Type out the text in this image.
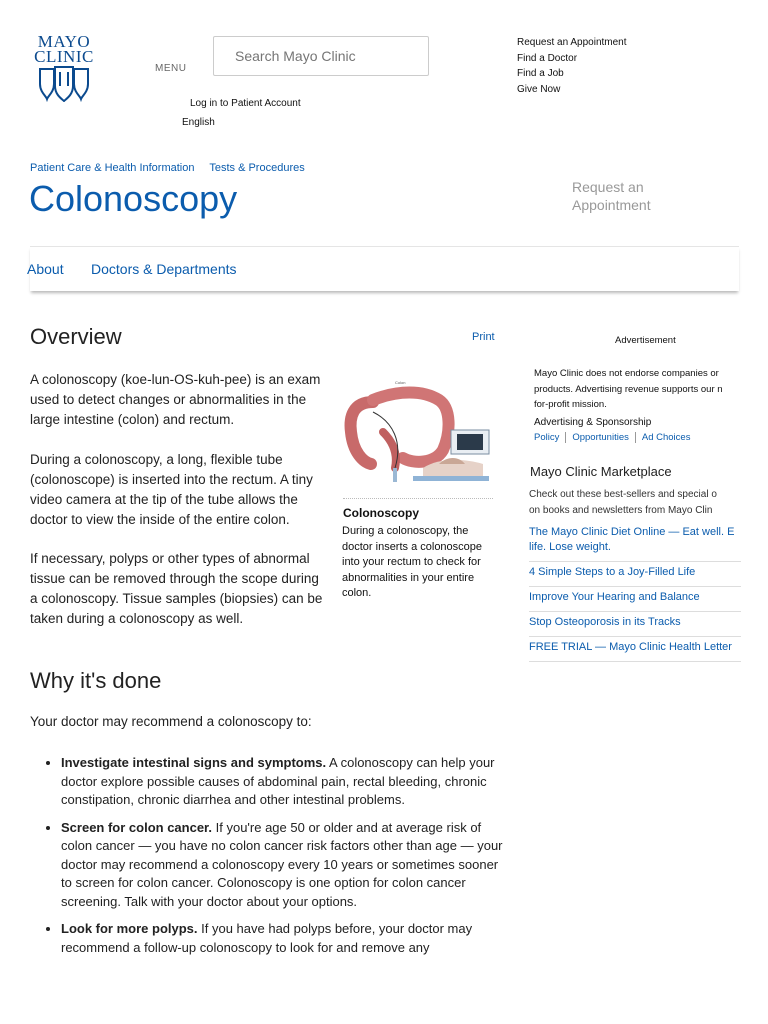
MAYO
CLINIC
MENU
Search Mayo Clinic
Request an Appointment
Find a Doctor
Find a Job
Give Now
Log in to Patient Account
English
Patient Care & Health Information Tests & Procedures
Colonoscopy	Request an Appointment
About Doctors & Departments
Overview	Print

A colonoscopy (koe-lun-OS-kuh-pee) is an exam used to detect changes or abnormalities in the large intestine (colon) and rectum.

During a colonoscopy, a long, flexible tube (colonoscope) is inserted into the rectum. A tiny video camera at the tip of the tube allows the doctor to view the inside of the entire colon.

If necessary, polyps or other types of abnormal tissue can be removed through the scope during a colonoscopy. Tissue samples (biopsies) can be taken during a colonoscopy as well.

Colon
Colonoscopy
During a colonoscopy, the doctor inserts a colonoscope into your rectum to check for abnormalities in your entire colon.
Why it's done
Your doctor may recommend a colonoscopy to:
• Investigate intestinal signs and symptoms. A colonoscopy can help your doctor explore possible causes of abdominal pain, rectal bleeding, chronic constipation, chronic diarrhea and other intestinal problems.
• Screen for colon cancer. If you're age 50 or older and at average risk of colon cancer — you have no colon cancer risk factors other than age — your doctor may recommend a colonoscopy every 10 years or sometimes sooner to screen for colon cancer. Colonoscopy is one option for colon cancer screening. Talk with your doctor about your options.
• Look for more polyps. If you have had polyps before, your doctor may recommend a follow-up colonoscopy to look for and remove any
Advertisement
Mayo Clinic does not endorse companies or
products. Advertising revenue supports our n
for-profit mission.
Advertising & Sponsorship
Policy Opportunities Ad Choices
Mayo Clinic Marketplace
Check out these best-sellers and special o
on books and newsletters from Mayo Clin
The Mayo Clinic Diet Online — Eat well. E life. Lose weight.
4 Simple Steps to a Joy-Filled Life
Improve Your Hearing and Balance
Stop Osteoporosis in its Tracks
FREE TRIAL — Mayo Clinic Health Letter
